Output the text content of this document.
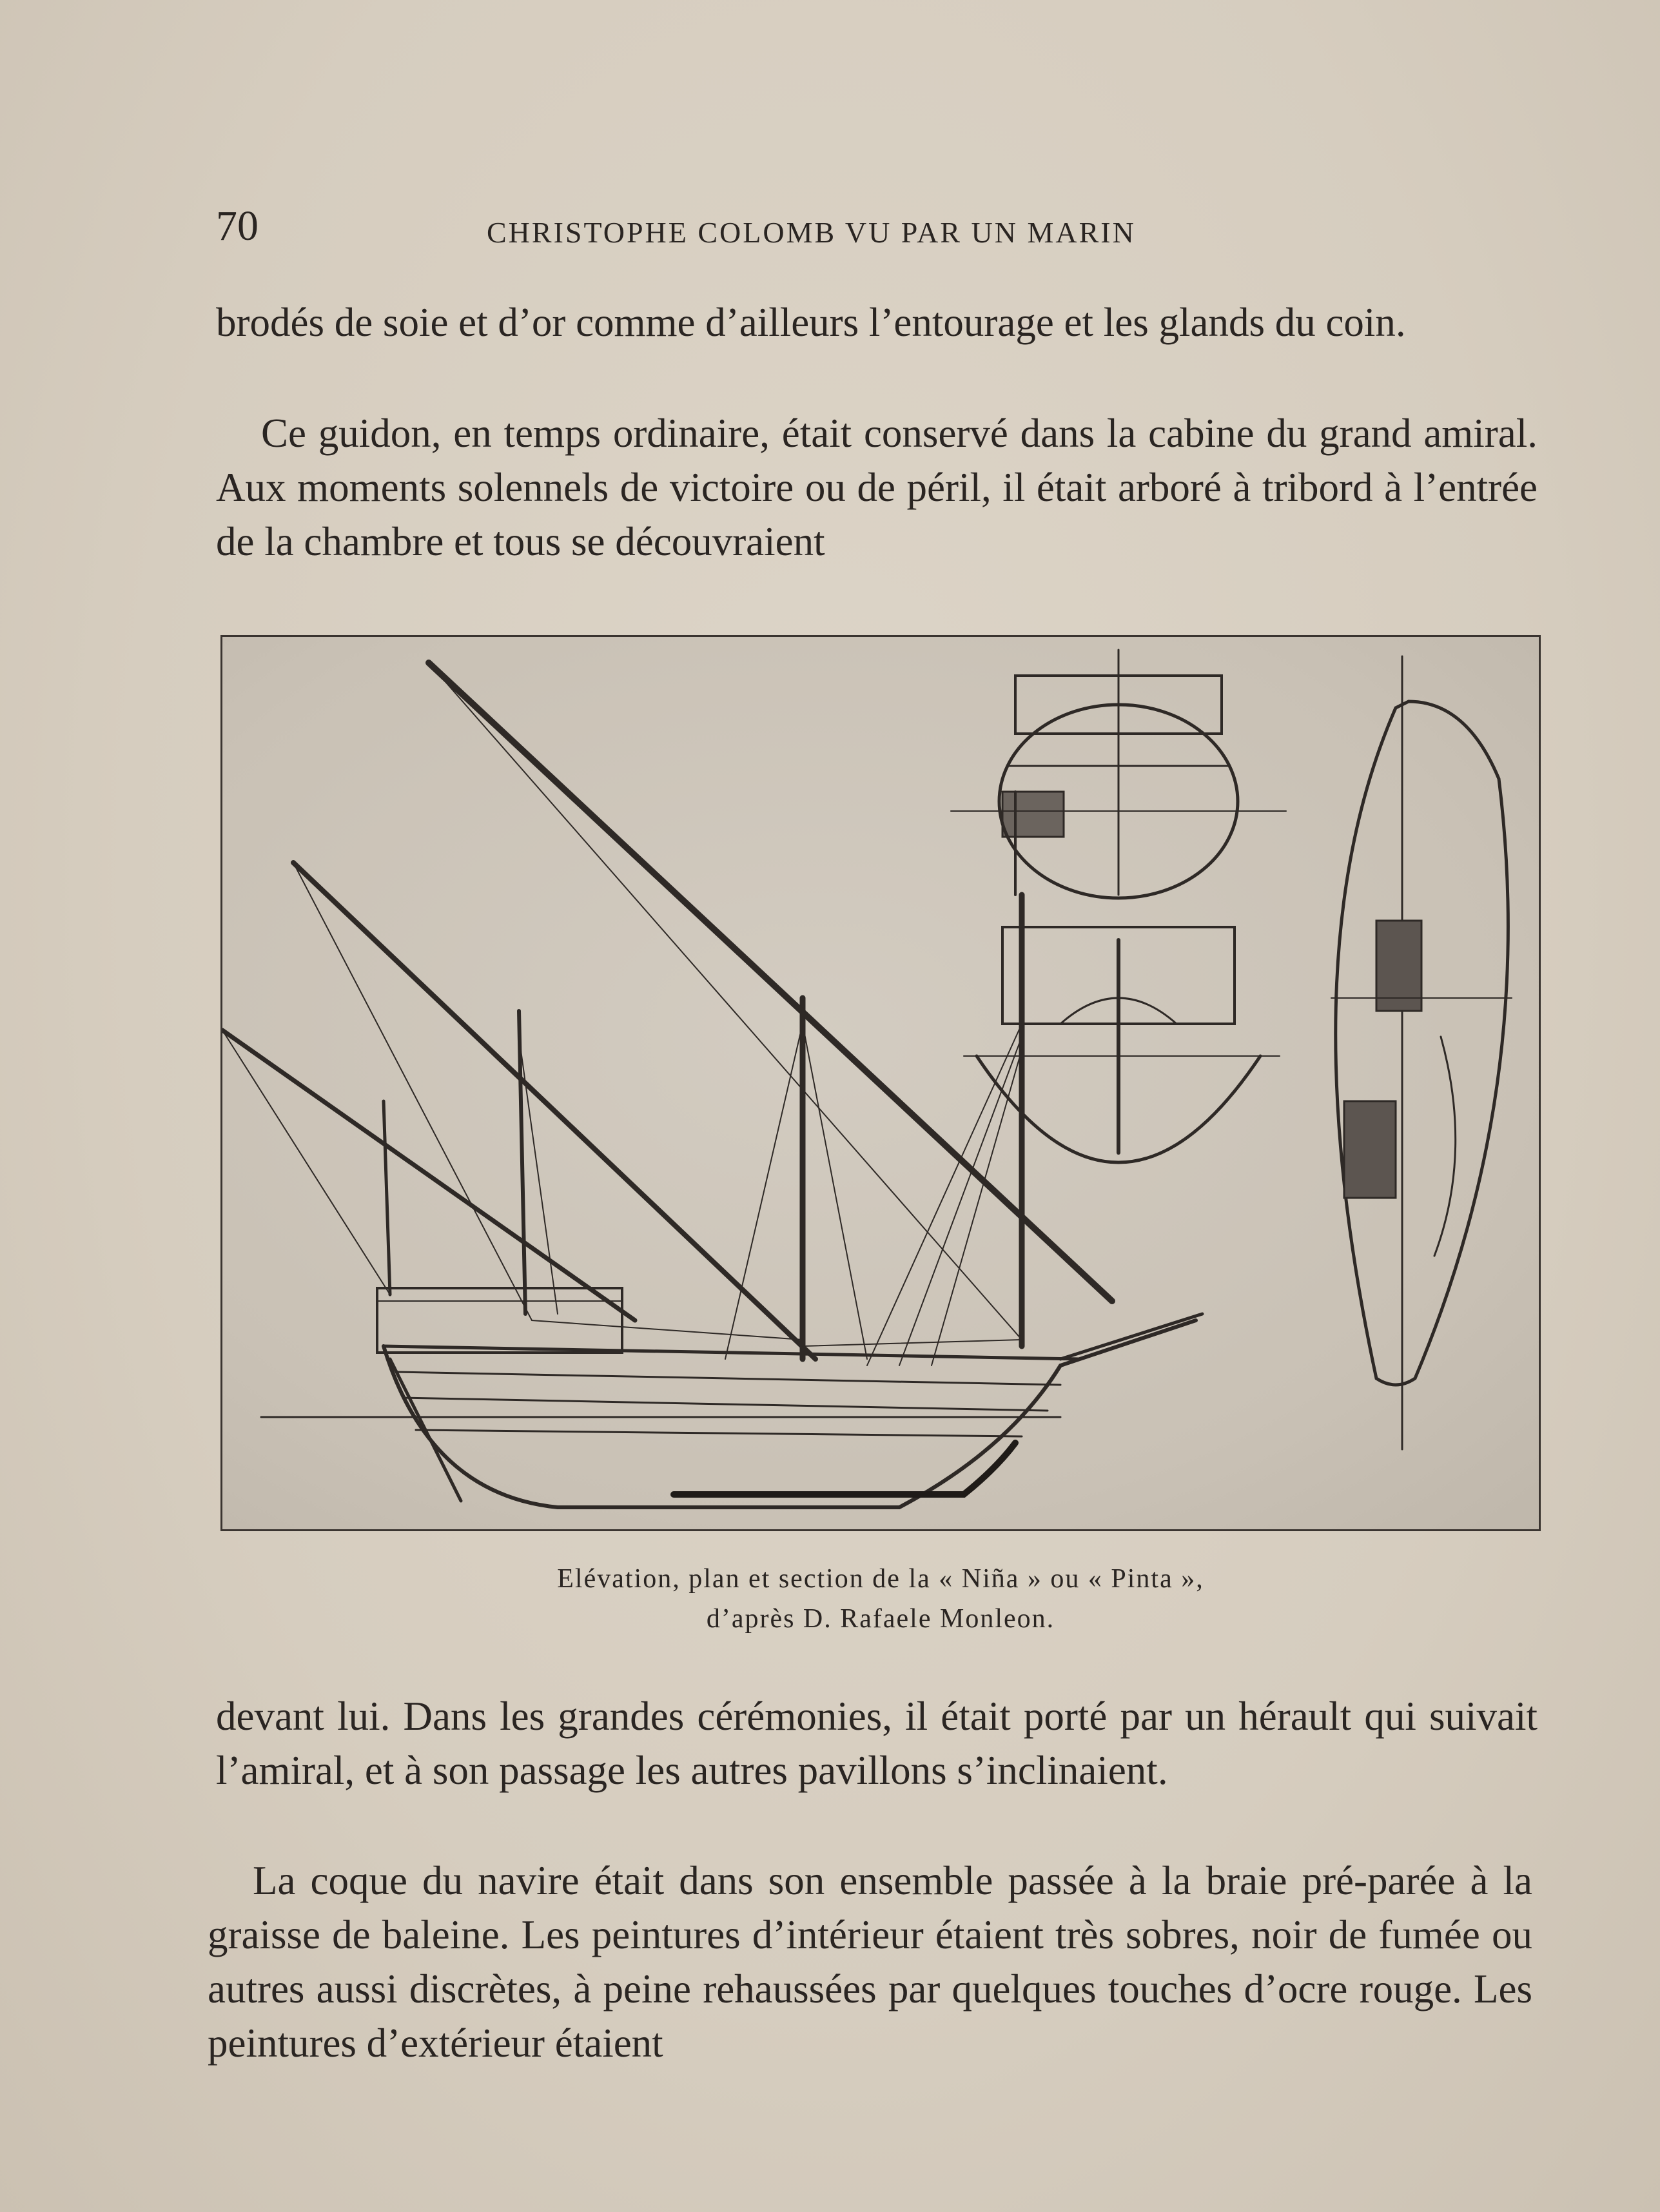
70	CHRISTOPHE COLOMB VU PAR UN MARIN
brodés de soie et d’or comme d’ailleurs l’entourage et les glands du coin.
Ce guidon, en temps ordinaire, était conservé dans la cabine du grand amiral. Aux moments solennels de victoire ou de péril, il était arboré à tribord à l’entrée de la chambre et tous se découvraient
Elévation, plan et section de la « Niña » ou « Pinta »,
d’après D. Rafaele Monleon.
devant lui. Dans les grandes cérémonies, il était porté par un hérault qui suivait l’amiral, et à son passage les autres pavillons s’inclinaient.
La coque du navire était dans son ensemble passée à la braie pré-parée à la graisse de baleine. Les peintures d’intérieur étaient très sobres, noir de fumée ou autres aussi discrètes, à peine rehaussées par quelques touches d’ocre rouge. Les peintures d’extérieur étaient
